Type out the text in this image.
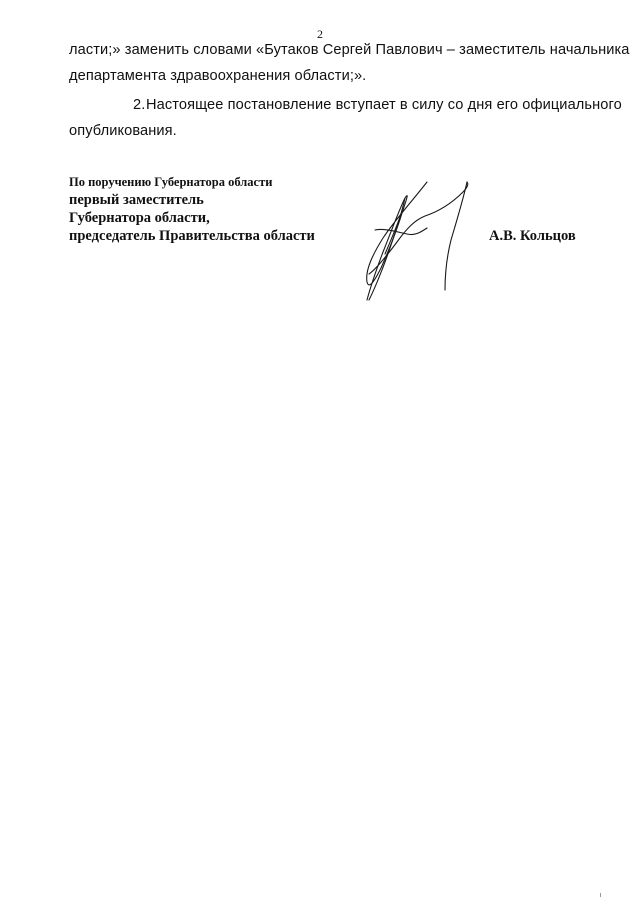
2
ласти;» заменить словами «Бутаков Сергей Павлович – заместитель начальника
департамента здравоохранения области;».
2.Настоящее постановление вступает в силу со дня его официального
опубликования.
По поручению Губернатора области
первый заместитель
Губернатора области,
председатель Правительства области	А.В. Кольцов
